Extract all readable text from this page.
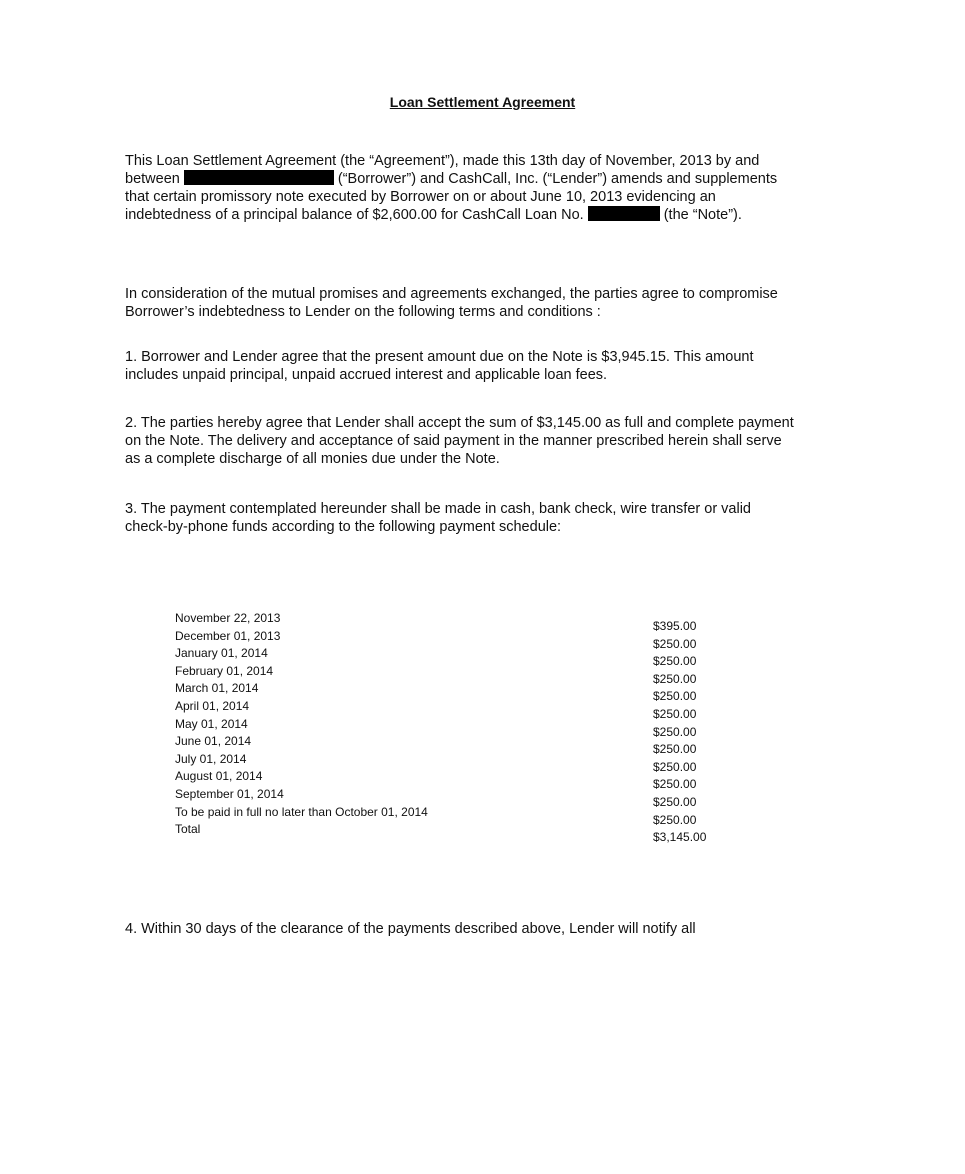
Loan Settlement Agreement

This Loan Settlement Agreement (the “Agreement”), made this 13th day of November, 2013 by and between	(“Borrower”) and CashCall, Inc. (“Lender”) amends and supplements that certain promissory note executed by Borrower on or about June 10, 2013 evidencing an indebtedness of a principal balance of $2,600.00 for CashCall Loan No.	(the “Note”).

In consideration of the mutual promises and agreements exchanged, the parties agree to compromise Borrower’s indebtedness to Lender on the following terms and conditions :

1. Borrower and Lender agree that the present amount due on the Note is $3,945.15. This amount includes unpaid principal, unpaid accrued interest and applicable loan fees.

2. The parties hereby agree that Lender shall accept the sum of $3,145.00 as full and complete payment on the Note. The delivery and acceptance of said payment in the manner prescribed herein shall serve as a complete discharge of all monies due under the Note.

3. The payment contemplated hereunder shall be made in cash, bank check, wire transfer or valid check-by-phone funds according to the following payment schedule:

November 22, 2013
$395.00
December 01, 2013
$250.00
January 01, 2014
$250.00
February 01, 2014
$250.00
March 01, 2014
$250.00
April 01, 2014
$250.00
May 01, 2014
$250.00
June 01, 2014
$250.00
July 01, 2014
$250.00
August 01, 2014
$250.00
September 01, 2014
$250.00
To be paid in full no later than October 01, 2014
$250.00
Total
$3,145.00

4. Within 30 days of the clearance of the payments described above, Lender will notify all
